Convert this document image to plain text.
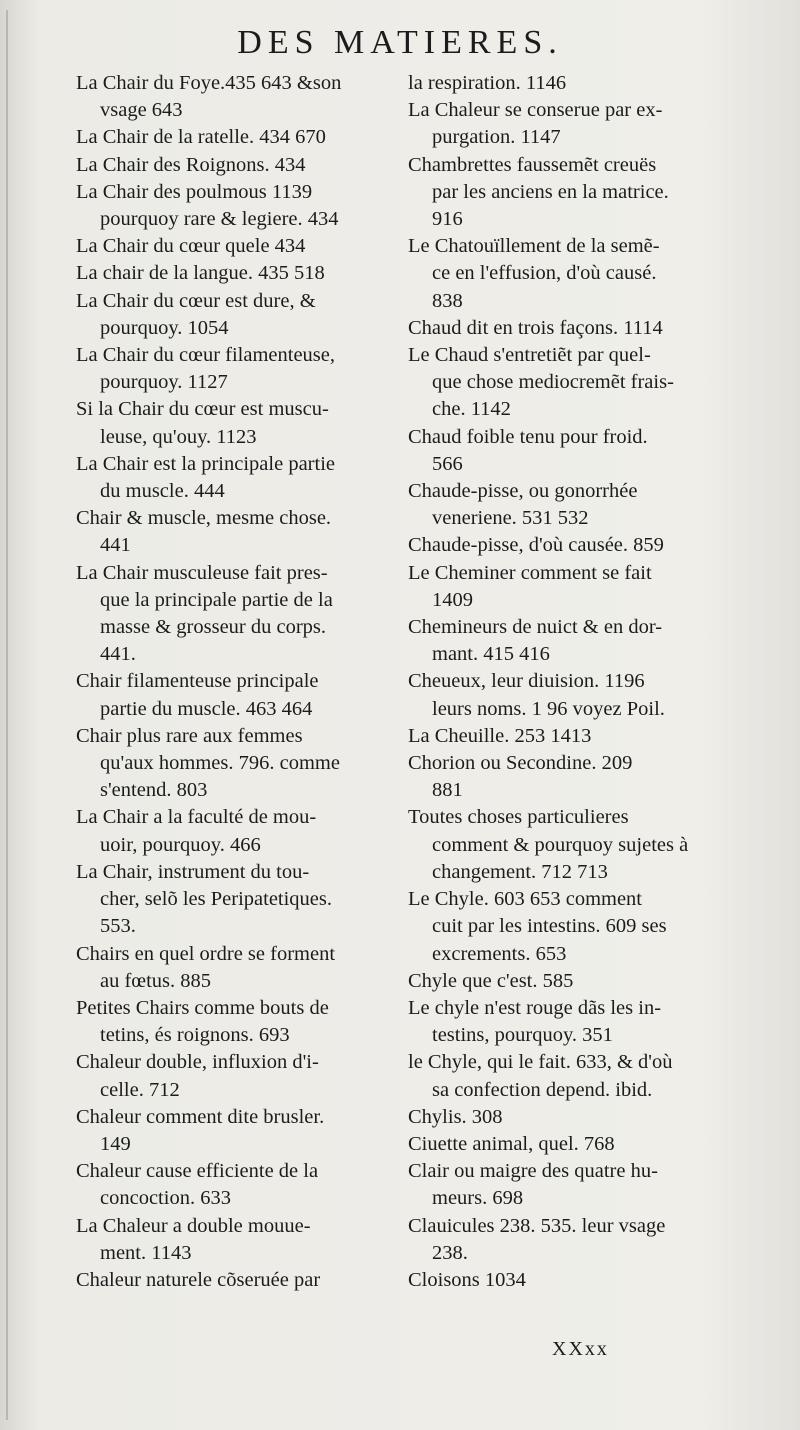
DES MATIERES.
La Chair du Foye.435 643 &son
vsage 643
La Chair de la ratelle. 434 670
La Chair des Roignons. 434
La Chair des poulmous 1139
pourquoy rare & legiere. 434
La Chair du cœur quele 434
La chair de la langue. 435 518
La Chair du cœur est dure, &
pourquoy. 1054
La Chair du cœur filamenteuse,
pourquoy. 1127
Si la Chair du cœur est muscu-
leuse, qu'ouy. 1123
La Chair est la principale partie
du muscle. 444
Chair & muscle, mesme chose.
441
La Chair musculeuse fait pres-
que la principale partie de la
masse & grosseur du corps.
441.
Chair filamenteuse principale
partie du muscle. 463 464
Chair plus rare aux femmes
qu'aux hommes. 796. comme
s'entend. 803
La Chair a la faculté de mou-
uoir, pourquoy. 466
La Chair, instrument du tou-
cher, selõ les Peripatetiques.
553.
Chairs en quel ordre se forment
au fœtus. 885
Petites Chairs comme bouts de
tetins, és roignons. 693
Chaleur double, influxion d'i-
celle. 712
Chaleur comment dite brusler.
149
Chaleur cause efficiente de la
concoction. 633
La Chaleur a double mouue-
ment. 1143
Chaleur naturele cõseruée par
la respiration. 1146
La Chaleur se conserue par ex-
purgation. 1147
Chambrettes faussemẽt creuës
par les anciens en la matrice.
916
Le Chatouïllement de la semẽ-
ce en l'effusion, d'où causé.
838
Chaud dit en trois façons. 1114
Le Chaud s'entretiẽt par quel-
que chose mediocremẽt frais-
che. 1142
Chaud foible tenu pour froid.
566
Chaude-pisse, ou gonorrhée
veneriene. 531 532
Chaude-pisse, d'où causée. 859
Le Cheminer comment se fait
1409
Chemineurs de nuict & en dor-
mant. 415 416
Cheueux, leur diuision. 1196
leurs noms. 1 96 voyez Poil.
La Cheuille. 253 1413
Chorion ou Secondine. 209
881
Toutes choses particulieres
comment & pourquoy sujetes à
changement. 712 713
Le Chyle. 603 653 comment
cuit par les intestins. 609 ses
excrements. 653
Chyle que c'est. 585
Le chyle n'est rouge dãs les in-
testins, pourquoy. 351
le Chyle, qui le fait. 633, & d'où
sa confection depend. ibid.
Chylis. 308
Ciuette animal, quel. 768
Clair ou maigre des quatre hu-
meurs. 698
Clauicules 238. 535. leur vsage
238.
Cloisons 1034
XXxx
